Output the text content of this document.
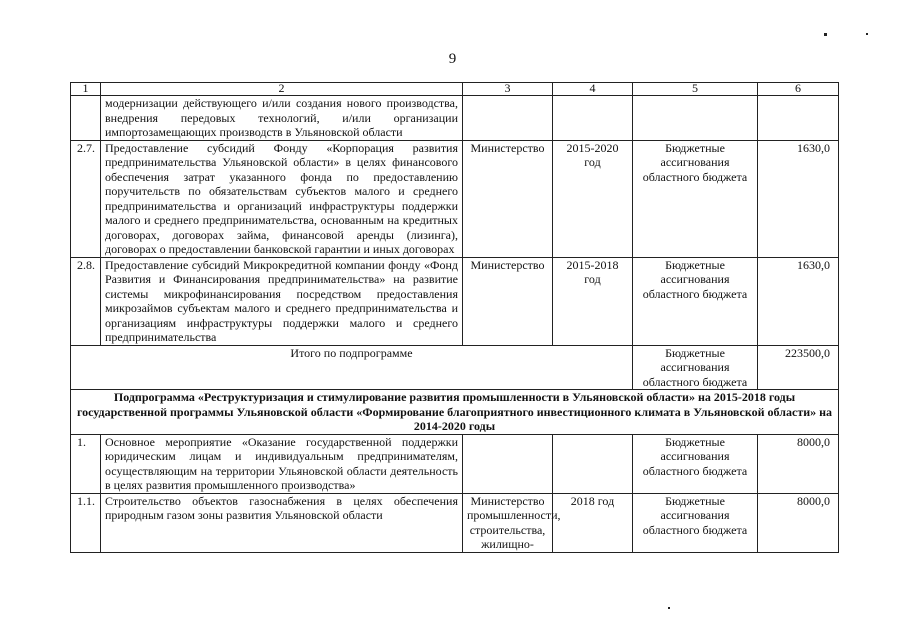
9
1	2	3	4	5	6
	модернизации действующего и/или создания нового производства, внедрения передовых технологий, и/или организации импортозамещающих производств в Ульяновской области				
2.7.	Предоставление субсидий Фонду «Корпорация развития предпринимательства Ульяновской области» в целях финансового обеспечения затрат указанного фонда по предоставлению поручительств по обязательствам субъектов малого и среднего предпринимательства и организаций инфраструктуры поддержки малого и среднего предпринимательства, основанным на кредитных договорах, договорах займа, финансовой аренды (лизинга), договорах о предоставлении банковской гарантии и иных договорах	Министерство	2015-2020 год	Бюджетные ассигнования областного бюджета	1630,0
2.8.	Предоставление субсидий Микрокредитной компании фонду «Фонд Развития и Финансирования предпринимательства» на развитие системы микрофинансирования посредством предоставления микрозаймов субъектам малого и среднего предпринимательства и организациям инфраструктуры поддержки малого и среднего предпринимательства	Министерство	2015-2018 год	Бюджетные ассигнования областного бюджета	1630,0
Итого по подпрограмме				Бюджетные ассигнования областного бюджета	223500,0
Подпрограмма «Реструктуризация и стимулирование развития промышленности в Ульяновской области» на 2015-2018 годы государственной программы Ульяновской области «Формирование благоприятного инвестиционного климата в Ульяновской области» на 2014-2020 годы					
1.	Основное мероприятие «Оказание государственной поддержки юридическим лицам и индивидуальным предпринимателям, осуществляющим на территории Ульяновской области деятельность в целях развития промышленного производства»			Бюджетные ассигнования областного бюджета	8000,0
1.1.	Строительство объектов газоснабжения в целях обеспечения природным газом зоны развития Ульяновской области	Министерство промышленности, строительства, жилищно-	2018 год	Бюджетные ассигнования областного бюджета	8000,0
